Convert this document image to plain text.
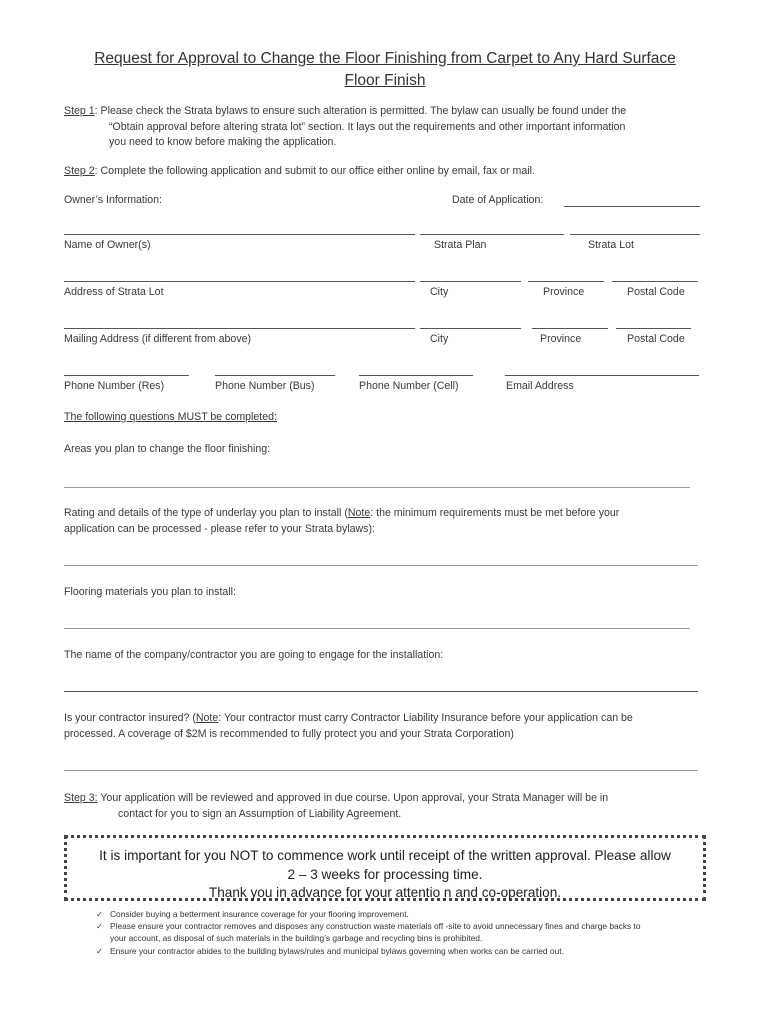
Request for Approval to Change the Floor Finishing from Carpet to Any Hard Surface
Floor Finish
Step 1: Please check the Strata bylaws to ensure such alteration is permitted. The bylaw can usually be found under the
“Obtain approval before altering strata lot” section. It lays out the requirements and other important information
you need to know before making the application.
Step 2: Complete the following application and submit to our office either online by email, fax or mail.
Owner’s Information:	Date of Application:
Name of Owner(s)	Strata Plan	Strata Lot
Address of Strata Lot	City	Province	Postal Code
Mailing Address (if different from above)	City	Province	Postal Code
Phone Number (Res)	Phone Number (Bus)	Phone Number (Cell)	Email Address
The following questions MUST be completed:
Areas you plan to change the floor finishing:
Rating and details of the type of underlay you plan to install (Note: the minimum requirements must be met before your
application can be processed - please refer to your Strata bylaws):
Flooring materials you plan to install:
The name of the company/contractor you are going to engage for the installation:
Is your contractor insured? (Note: Your contractor must carry Contractor Liability Insurance before your application can be
processed. A coverage of $2M is recommended to fully protect you and your Strata Corporation)
Step 3: Your application will be reviewed and approved in due course. Upon approval, your Strata Manager will be in
contact for you to sign an Assumption of Liability Agreement.
It is important for you NOT to commence work until receipt of the written approval. Please allow
2 – 3 weeks for processing time.
Thank you in advance for your attentio n and co-operation.
✓ Consider buying a betterment insurance coverage for your flooring improvement.
✓ Please ensure your contractor removes and disposes any construction waste materials off -site to avoid unnecessary fines and charge backs to
your account, as disposal of such materials in the building’s garbage and recycling bins is prohibited.
✓ Ensure your contractor abides to the building bylaws/rules and municipal bylaws governing when works can be carried out.
